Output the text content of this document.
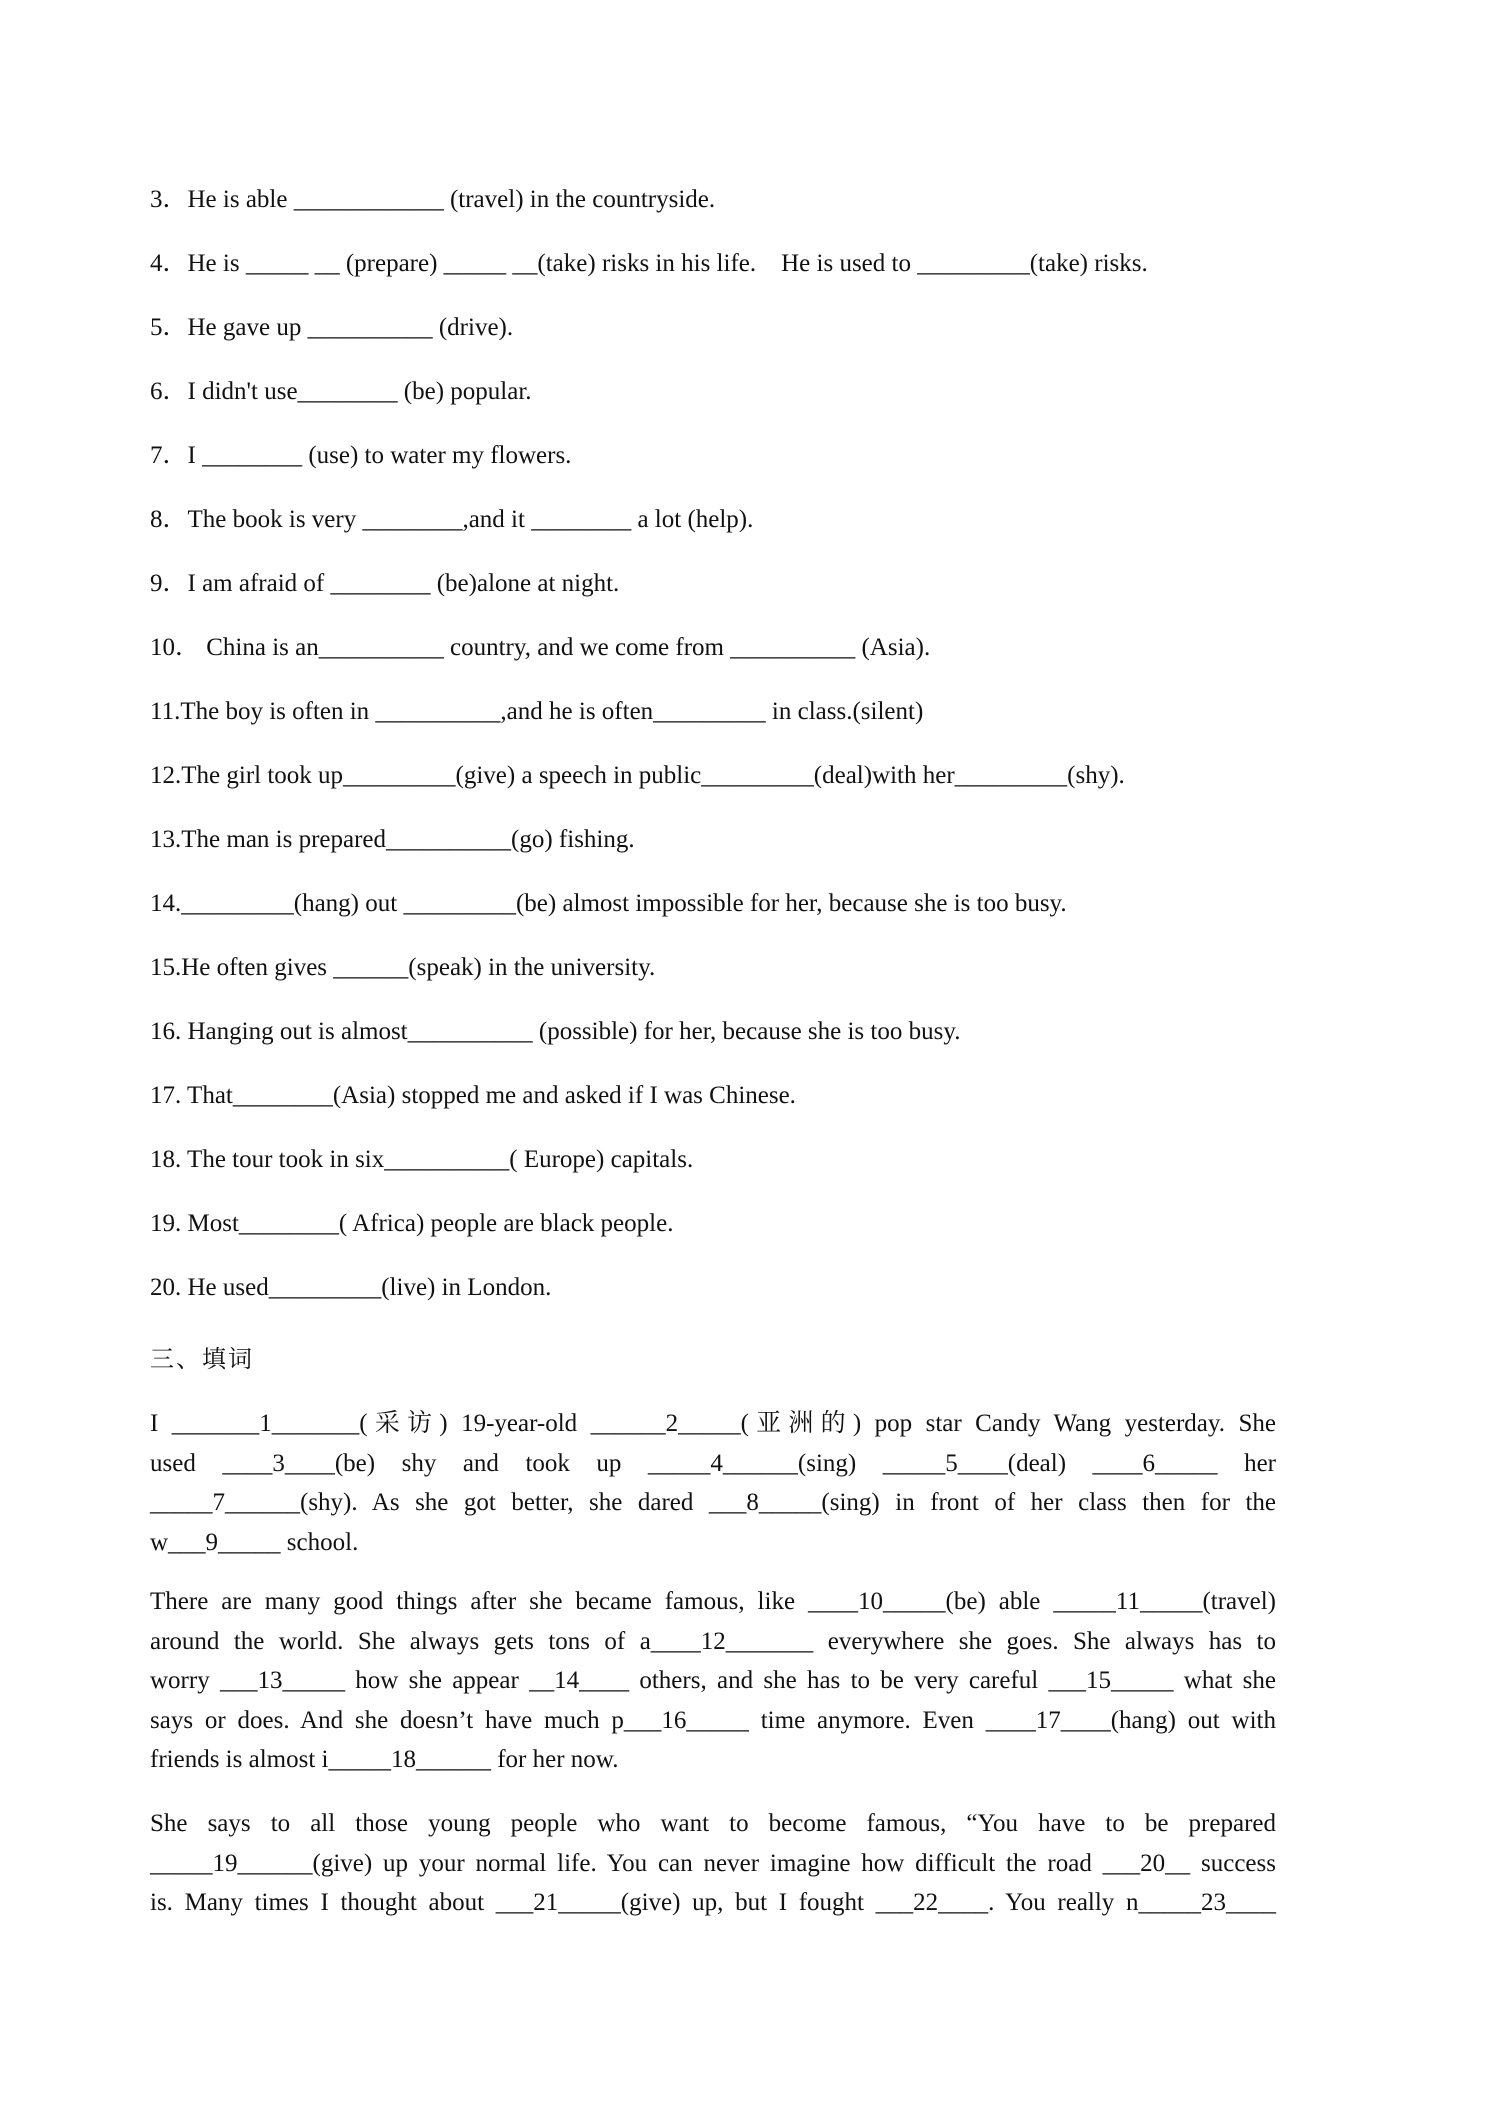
3．He is able ____________ (travel) in the countryside.
4．He is _____ __ (prepare) _____ __(take) risks in his life.    He is used to _________(take) risks.
5．He gave up __________ (drive).
6．I didn't use________ (be) popular.
7．I ________ (use) to water my flowers.
8．The book is very ________,and it ________ a lot (help).
9．I am afraid of ________ (be)alone at night.
10． China is an__________ country, and we come from __________ (Asia).
11.The boy is often in __________,and he is often_________ in class.(silent)
12.The girl took up_________(give) a speech in public_________(deal)with her_________(shy).
13.The man is prepared__________(go) fishing.
14._________(hang) out _________(be) almost impossible for her, because she is too busy.
15.He often gives ______(speak) in the university.
16. Hanging out is almost__________ (possible) for her, because she is too busy.
17. That________(Asia) stopped me and asked if I was Chinese.
18. The tour took in six__________( Europe) capitals.
19. Most________( Africa) people are black people.
20. He used_________(live) in London.
三、填词
I _______1_______(采访) 19-year-old ______2_____(亚洲的) pop star Candy Wang yesterday. She
used ____3____(be) shy and took up _____4______(sing) _____5____(deal) ____6_____ her
_____7______(shy). As she got better, she dared ___8_____(sing) in front of her class then for the
w___9_____ school.
There are many good things after she became famous, like ____10_____(be) able _____11_____(travel)
around the world. She always gets tons of a____12_______ everywhere she goes. She always has to
worry ___13_____ how she appear __14____ others, and she has to be very careful ___15_____ what she
says or does. And she doesn’t have much p___16_____ time anymore. Even ____17____(hang) out with
friends is almost i_____18______ for her now.
She says to all those young people who want to become famous, “You have to be prepared
_____19______(give) up your normal life. You can never imagine how difficult the road ___20__ success
is. Many times I thought about ___21_____(give) up, but I fought ___22____. You really n_____23____
